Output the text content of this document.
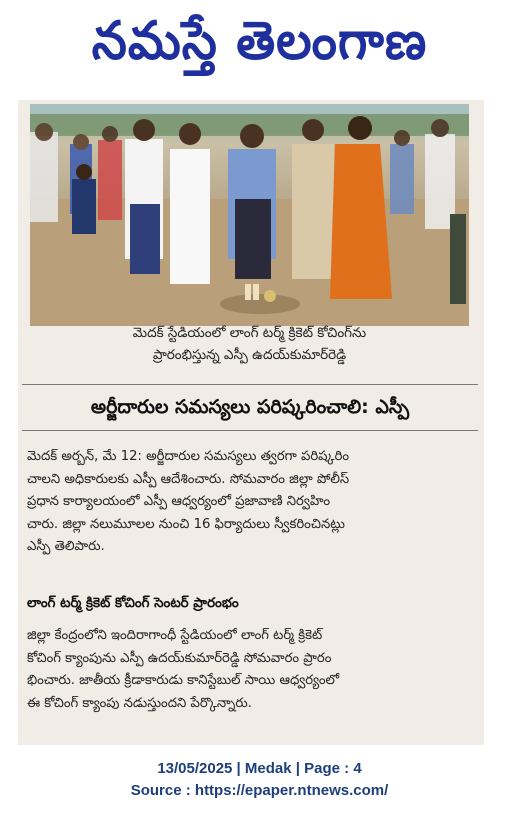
నమస్తే తెలంగాణ
మెదక్ స్టేడియంలో లాంగ్ టర్మ్ క్రికెట్ కోచింగ్‌ను
ప్రారంభిస్తున్న ఎస్పీ ఉదయ్‌కుమార్‌రెడ్డి
అర్జీదారుల సమస్యలు పరిష్కరించాలి: ఎస్పీ
మెదక్ అర్బన్, మే 12: అర్జీదారుల సమస్యలు త్వరగా పరిష్కరిం
చాలని అధికారులకు ఎస్పీ ఆదేశించారు. సోమవారం జిల్లా పోలీస్
ప్రధాన కార్యాలయంలో ఎస్పీ ఆధ్వర్యంలో ప్రజావాణి నిర్వహిం
చారు. జిల్లా నలుమూలల నుంచి 16 ఫిర్యాదులు స్వీకరించినట్లు
ఎస్పీ తెలిపారు.
లాంగ్ టర్మ్ క్రికెట్ కోచింగ్ సెంటర్ ప్రారంభం
జిల్లా కేంద్రంలోని ఇందిరాగాంధీ స్టేడియంలో లాంగ్ టర్మ్ క్రికెట్
కోచింగ్ క్యాంపును ఎస్పీ ఉదయ్‌కుమార్‌రెడ్డి సోమవారం ప్రారం
భించారు. జాతీయ క్రీడాకారుడు కానిస్టేబుల్ సాయి ఆధ్వర్యంలో
ఈ కోచింగ్ క్యాంపు నడుస్తుందని పేర్కొన్నారు.
13/05/2025 | Medak | Page : 4
Source : https://epaper.ntnews.com/
